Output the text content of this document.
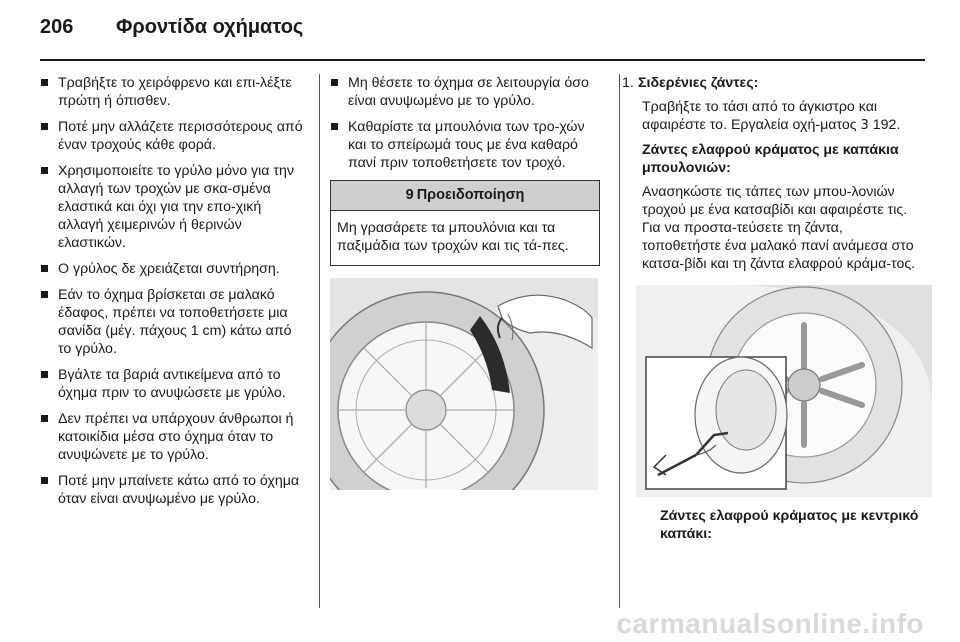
206 Φροντίδα οχήματος
Τραβήξτε το χειρόφρενο και επι-λέξτε πρώτη ή όπισθεν.
Ποτέ μην αλλάζετε περισσότερους από έναν τροχούς κάθε φορά.
Χρησιμοποιείτε το γρύλο μόνο για την αλλαγή των τροχών με σκα-σμένα ελαστικά και όχι για την επο-χική αλλαγή χειμερινών ή θερινών ελαστικών.
Ο γρύλος δε χρειάζεται συντήρηση.
Εάν το όχημα βρίσκεται σε μαλακό έδαφος, πρέπει να τοποθετήσετε μια σανίδα (μέγ. πάχους 1 cm) κάτω από το γρύλο.
Βγάλτε τα βαριά αντικείμενα από το όχημα πριν το ανυψώσετε με γρύλο.
Δεν πρέπει να υπάρχουν άνθρωποι ή κατοικίδια μέσα στο όχημα όταν το ανυψώνετε με το γρύλο.
Ποτέ μην μπαίνετε κάτω από το όχημα όταν είναι ανυψωμένο με γρύλο.
Μη θέσετε το όχημα σε λειτουργία όσο είναι ανυψωμένο με το γρύλο.
Καθαρίστε τα μπουλόνια των τρο-χών και το σπείρωμά τους με ένα καθαρό πανί πριν τοποθετήσετε τον τροχό.
9 Προειδοποίηση
Μη γρασάρετε τα μπουλόνια και τα παξιμάδια των τροχών και τις τά-πες.
1. Σιδερένιες ζάντες:
Τραβήξτε το τάσι από το άγκιστρο και αφαιρέστε το. Εργαλεία οχή-ματος 3 192.
Ζάντες ελαφρού κράματος με καπάκια μπουλονιών:
Ανασηκώστε τις τάπες των μπου-λονιών τροχού με ένα κατσαβίδι και αφαιρέστε τις. Για να προστα-τεύσετε τη ζάντα, τοποθετήστε ένα μαλακό πανί ανάμεσα στο κατσα-βίδι και τη ζάντα ελαφρού κράμα-τος.
Ζάντες ελαφρού κράματος με κεντρικό καπάκι:
carmanualsonline.info
